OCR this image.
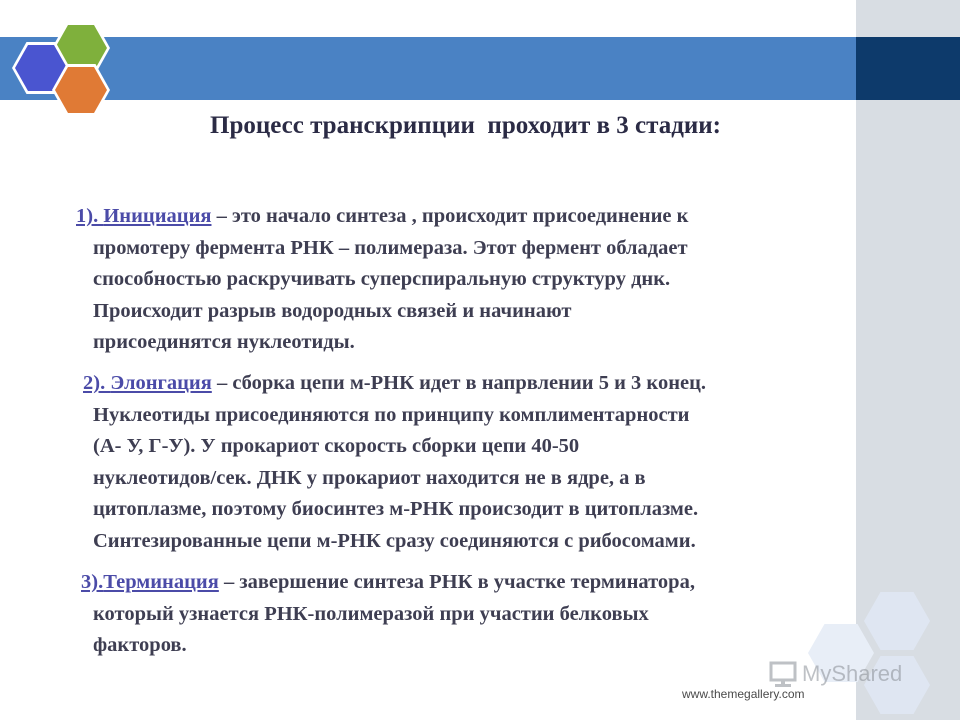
Процесс транскрипции  проходит в 3 стадии:
1). Инициация – это начало синтеза , происходит присоединение к
промотеру фермента РНК – полимераза. Этот фермент обладает
способностью раскручивать суперспиральную структуру днк.
Происходит разрыв водородных связей и начинают
присоединятся нуклеотиды.
2). Элонгация – сборка цепи м-РНК идет в напрвлении 5 и 3 конец.
Нуклеотиды присоединяются по принципу комплиментарности
(А- У, Г-У). У прокариот скорость сборки цепи 40-50
нуклеотидов/сек. ДНК у прокариот находится не в ядре, а в
цитоплазме, поэтому биосинтез м-РНК происзодит в цитоплазме.
Синтезированные цепи м-РНК сразу соединяются с рибосомами.
3).Терминация – завершение синтеза РНК в участке терминатора,
который узнается РНК-полимеразой при участии белковых
факторов.
MyShared
www.themegallery.com
